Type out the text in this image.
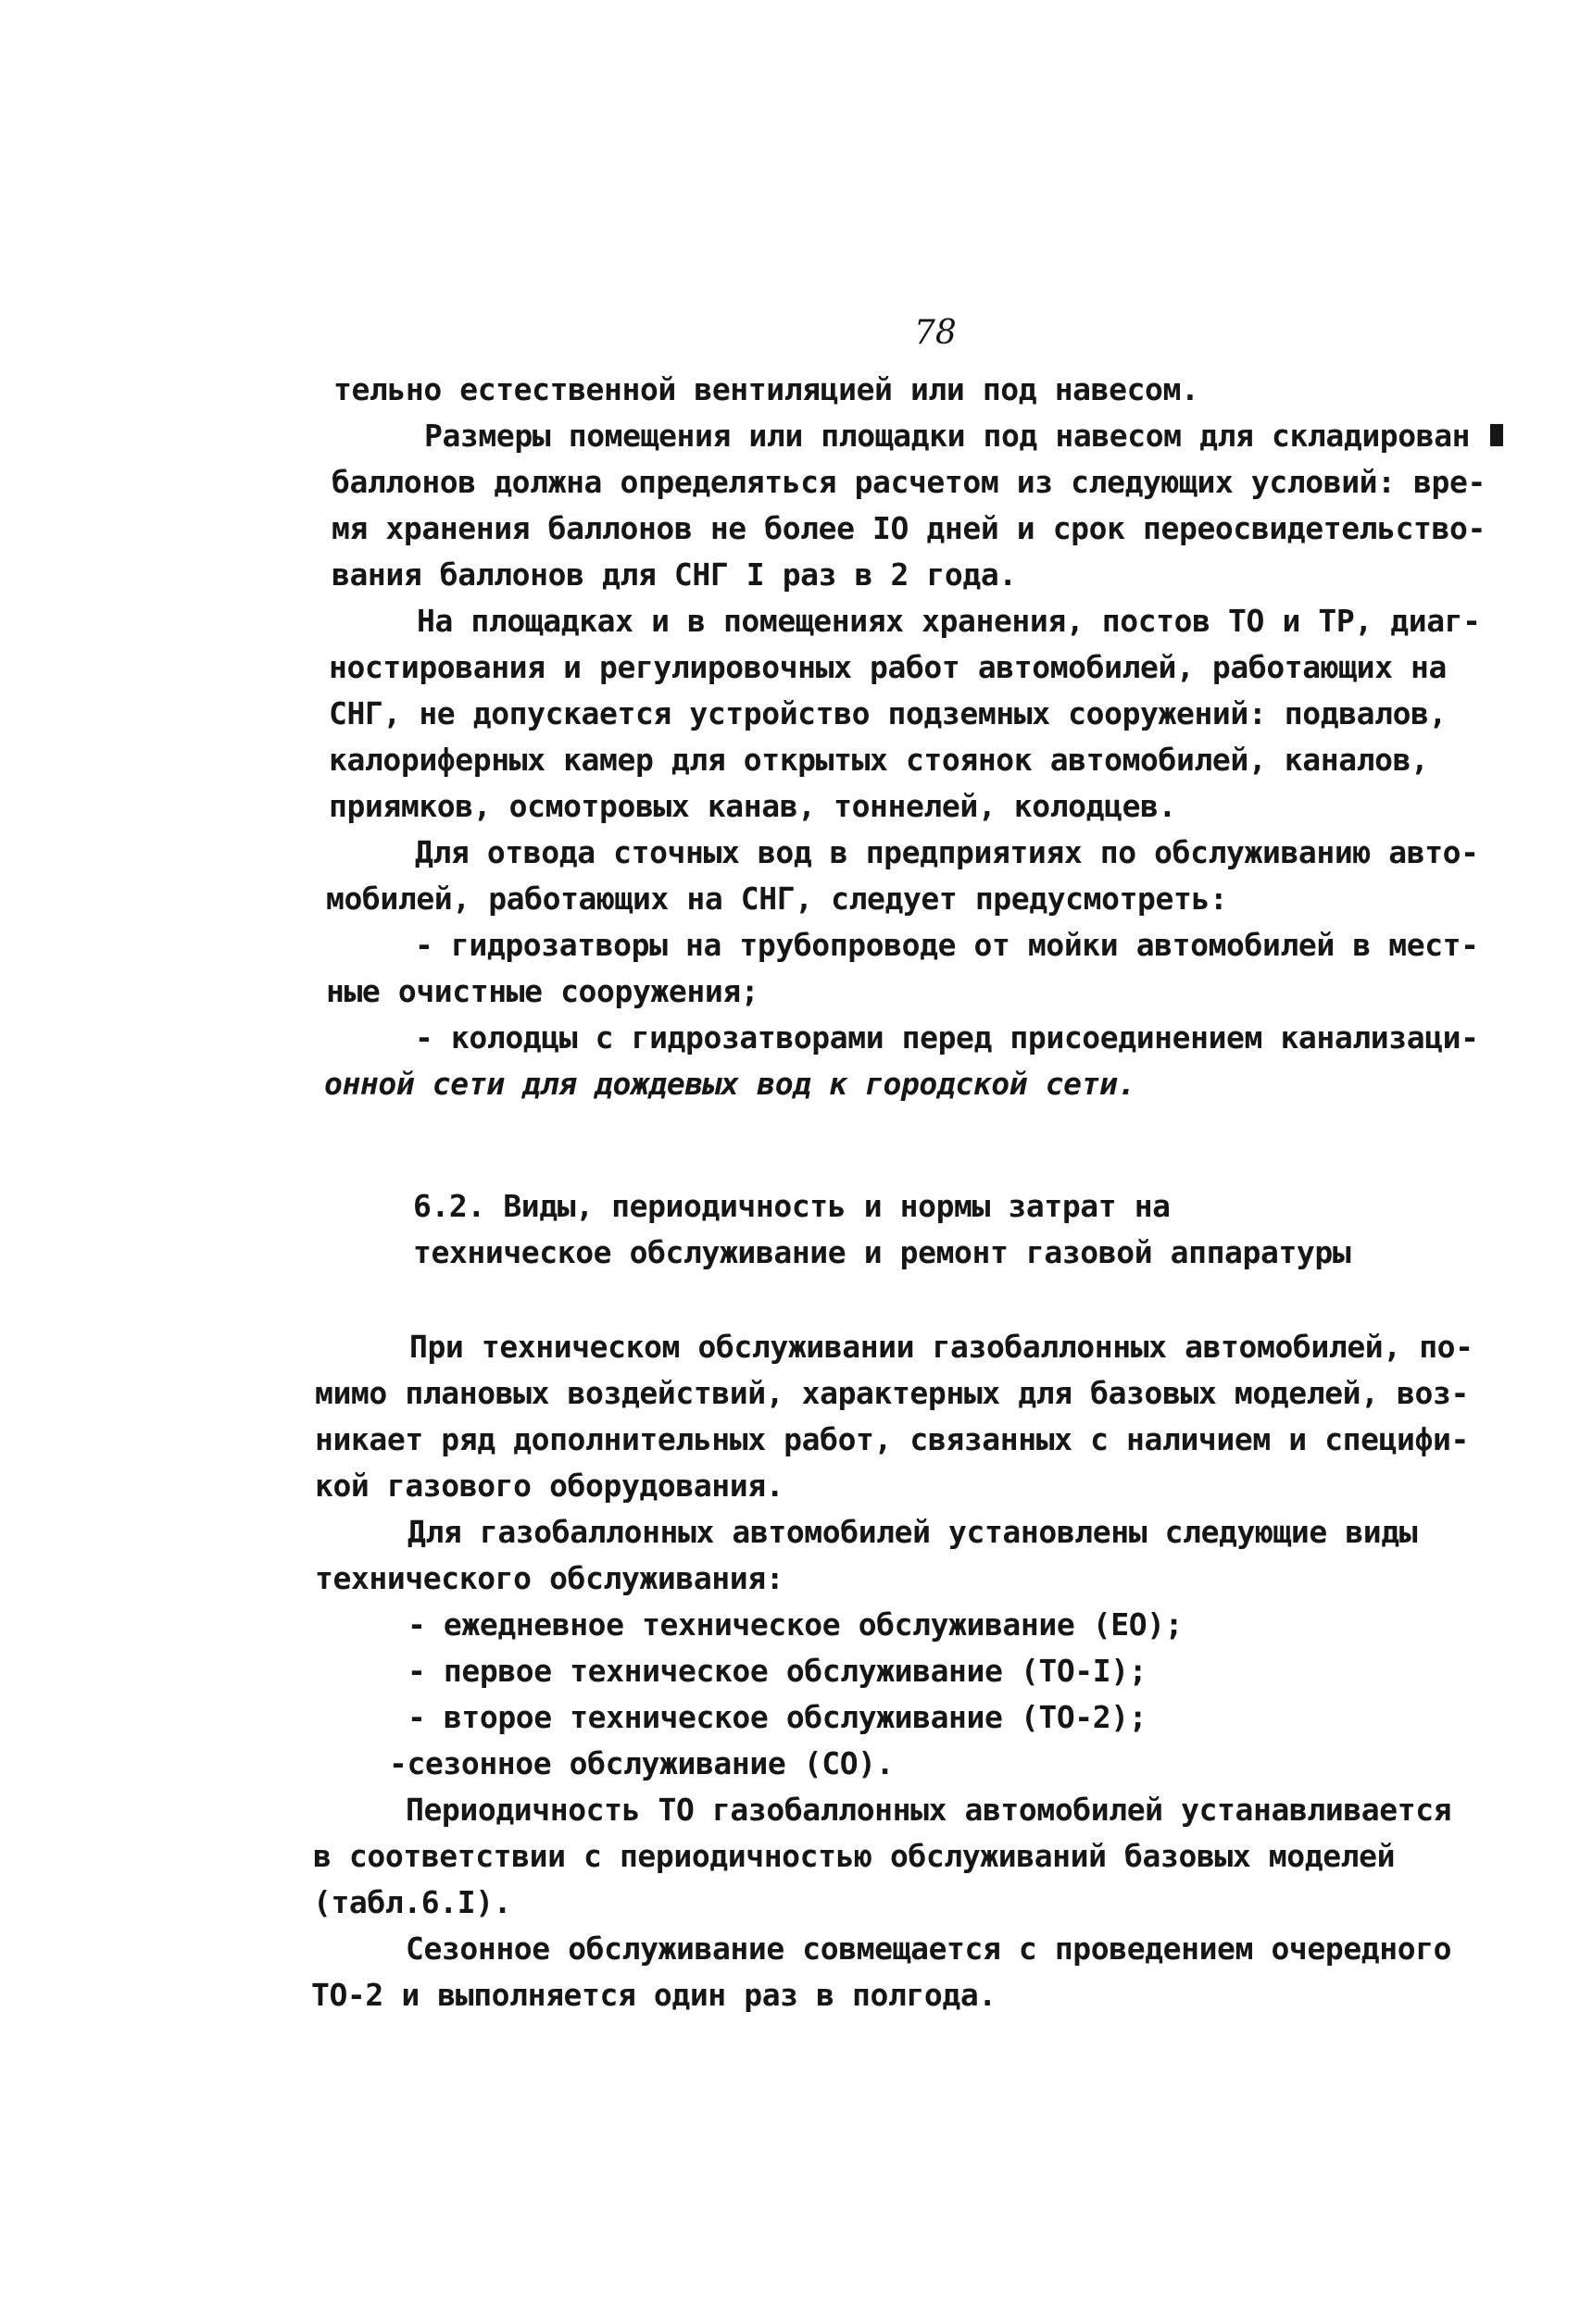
78
тельно естественной вентиляцией или под навесом.
Размеры помещения или площадки под навесом для складирован
баллонов должна определяться расчетом из следующих условий: вре-
мя хранения баллонов не более IО дней и срок переосвидетельство-
вания баллонов для СНГ I раз в 2 года.
На площадках и в помещениях хранения, постов ТО и ТР, диаг-
ностирования и регулировочных работ автомобилей, работающих на
СНГ, не допускается устройство подземных сооружений: подвалов,
калориферных камер для открытых стоянок автомобилей, каналов,
приямков, осмотровых канав, тоннелей, колодцев.
Для отвода сточных вод в предприятиях по обслуживанию авто-
мобилей, работающих на СНГ, следует предусмотреть:
- гидрозатворы на трубопроводе от мойки автомобилей в мест-
ные очистные сооружения;
- колодцы с гидрозатворами перед присоединением канализаци-
онной сети для дождевых вод к городской сети.
6.2. Виды, периодичность и нормы затрат на
техническое обслуживание и ремонт газовой аппаратуры
При техническом обслуживании газобаллонных автомобилей, по-
мимо плановых воздействий, характерных для базовых моделей, воз-
никает ряд дополнительных работ, связанных с наличием и специфи-
кой газового оборудования.
Для газобаллонных автомобилей установлены следующие виды
технического обслуживания:
- ежедневное техническое обслуживание (ЕО);
- первое техническое обслуживание (ТО-I);
- второе техническое обслуживание (ТО-2);
-сезонное обслуживание (СО).
Периодичность ТО газобаллонных автомобилей устанавливается
в соответствии с периодичностью обслуживаний базовых моделей
(табл.6.I).
Сезонное обслуживание совмещается с проведением очередного
ТО-2 и выполняется один раз в полгода.
